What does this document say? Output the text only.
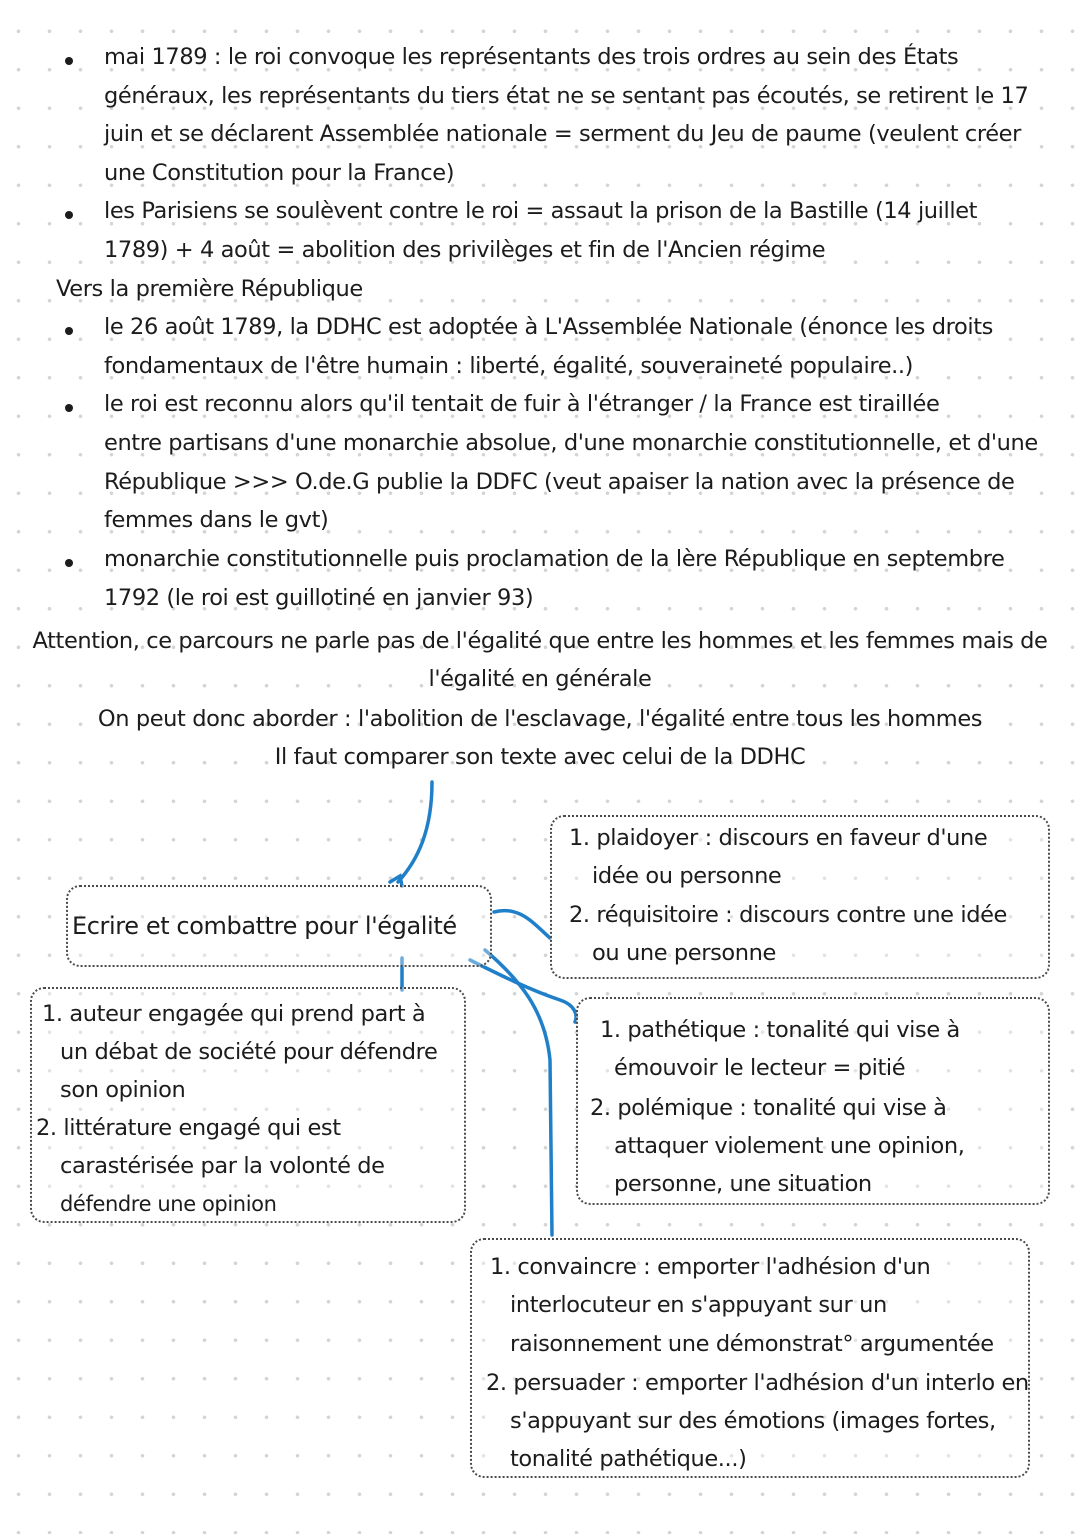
mai 1789 : le roi convoque les représentants des trois ordres au sein des États
généraux, les représentants du tiers état ne se sentant pas écoutés, se retirent le 17
juin et se déclarent Assemblée nationale = serment du Jeu de paume (veulent créer
une Constitution pour la France)
les Parisiens se soulèvent contre le roi = assaut la prison de la Bastille (14 juillet
1789) + 4 août = abolition des privilèges et fin de l'Ancien régime
Vers la première République
le 26 août 1789, la DDHC est adoptée à L'Assemblée Nationale (énonce les droits
fondamentaux de l'être humain : liberté, égalité, souveraineté populaire..)
le roi est reconnu alors qu'il tentait de fuir à l'étranger / la France est tiraillée
entre partisans d'une monarchie absolue, d'une monarchie constitutionnelle, et d'une
République >>> O.de.G publie la DDFC (veut apaiser la nation avec la présence de
femmes dans le gvt)
monarchie constitutionnelle puis proclamation de la lère République en septembre
1792 (le roi est guillotiné en janvier 93)
Attention, ce parcours ne parle pas de l'égalité que entre les hommes et les femmes mais de
l'égalité en générale
On peut donc aborder : l'abolition de l'esclavage, l'égalité entre tous les hommes
Il faut comparer son texte avec celui de la DDHC
Ecrire et combattre pour l'égalité
1. plaidoyer : discours en faveur d'une
idée ou personne
2. réquisitoire : discours contre une idée
ou une personne
1. auteur engagée qui prend part à
un débat de société pour défendre
son opinion
2. littérature engagé qui est
carastérisée par la volonté de
défendre une opinion
1. pathétique : tonalité qui vise à
émouvoir le lecteur = pitié
2. polémique : tonalité qui vise à
attaquer violement une opinion,
personne, une situation
1. convaincre : emporter l'adhésion d'un
interlocuteur en s'appuyant sur un
raisonnement une démonstrat° argumentée
2. persuader : emporter l'adhésion d'un interlo en
s'appuyant sur des émotions (images fortes,
tonalité pathétique...)
